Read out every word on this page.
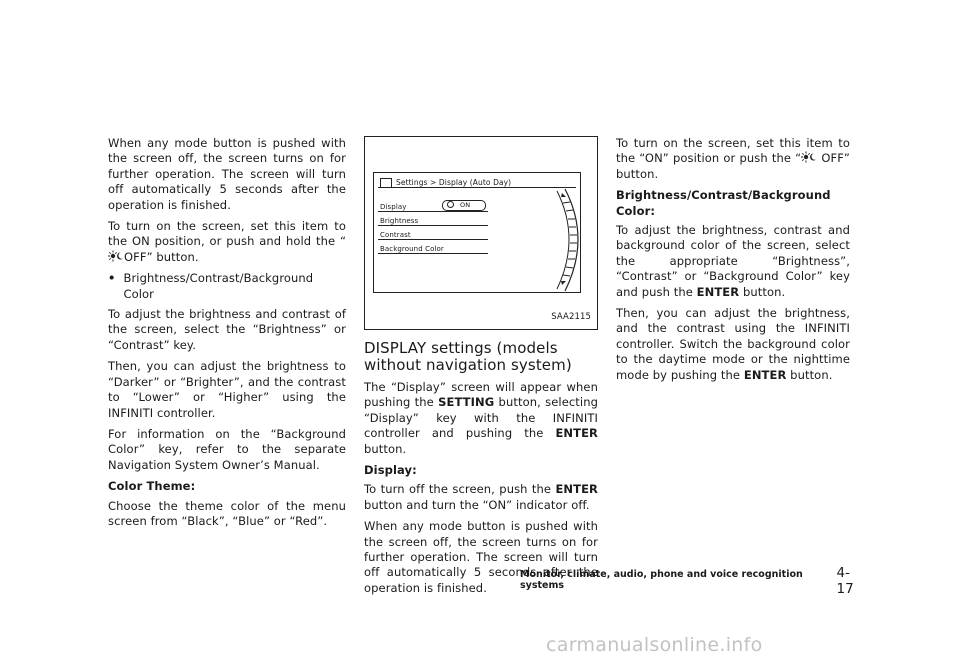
When any mode button is pushed with the screen off, the screen turns on for further operation. The screen will turn off automatically 5 seconds after the operation is finished.

To turn on the screen, set this item to the ON position, or push and hold the “OFF” button.

• Brightness/Contrast/Background Color

To adjust the brightness and contrast of the screen, select the “Brightness” or “Contrast” key.

Then, you can adjust the brightness to “Darker” or “Brighter”, and the contrast to “Lower” or “Higher” using the INFINITI controller.

For information on the “Background Color” key, refer to the separate Navigation System Owner’s Manual.

Color Theme:

Choose the theme color of the menu screen from “Black”, “Blue” or “Red”.

Settings > Display (Auto Day)
Display	ON
Brightness
Contrast
Background Color
SAA2115
DISPLAY settings (models without navigation system)

The “Display” screen will appear when pushing the SETTING button, selecting “Display” key with the INFINITI controller and pushing the ENTER button.

Display:

To turn off the screen, push the ENTER button and turn the “ON” indicator off.

When any mode button is pushed with the screen off, the screen turns on for further operation. The screen will turn off automatically 5 seconds after the operation is finished.

To turn on the screen, set this item to the “ON” position or push the “ OFF” button.

Brightness/Contrast/Background Color:

To adjust the brightness, contrast and background color of the screen, select the appropriate “Brightness”, “Contrast” or “Background Color” key and push the ENTER button.

Then, you can adjust the brightness, and the contrast using the INFINITI controller. Switch the background color to the daytime mode or the nighttime mode by pushing the ENTER button.

Monitor, climate, audio, phone and voice recognition systems
4-17
carmanualsonline.info
